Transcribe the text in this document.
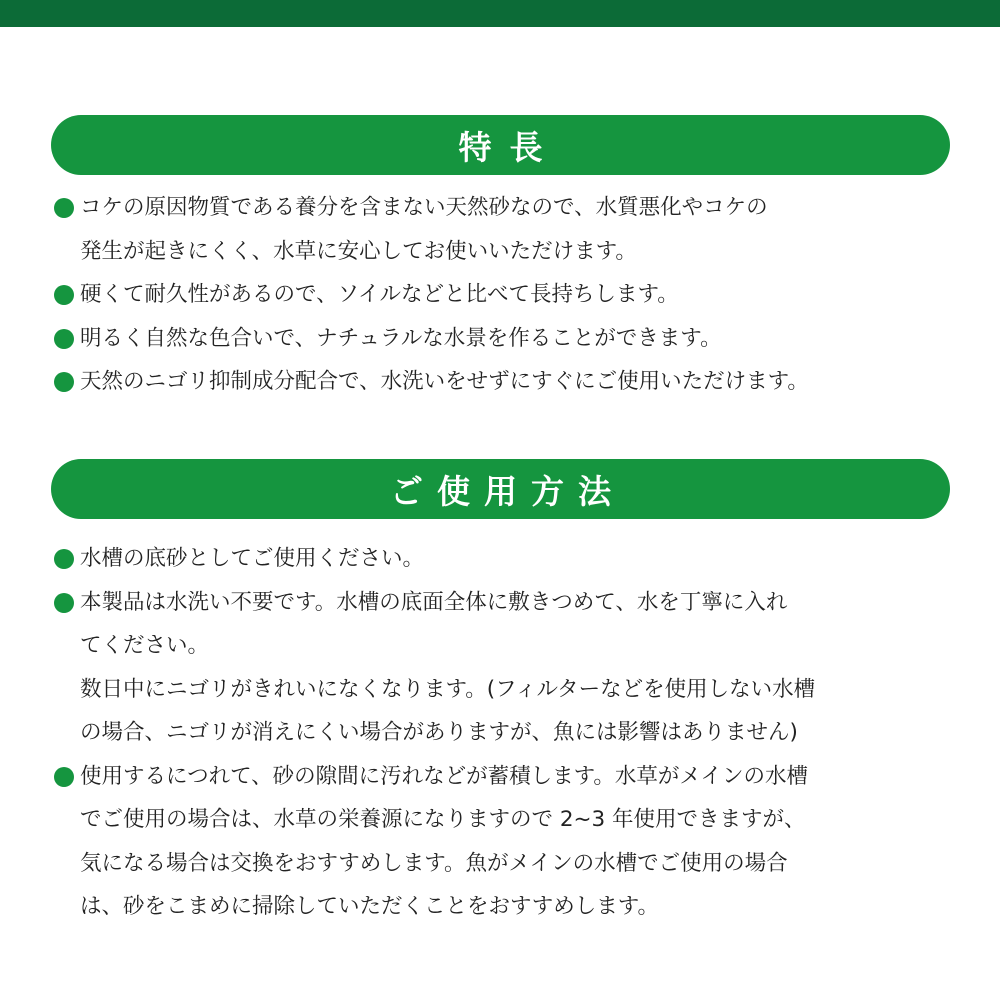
特長
コケの原因物質である養分を含まない天然砂なので、水質悪化やコケの
発生が起きにくく、水草に安心してお使いいただけます。
硬くて耐久性があるので、ソイルなどと比べて長持ちします。
明るく自然な色合いで、ナチュラルな水景を作ることができます。
天然のニゴリ抑制成分配合で、水洗いをせずにすぐにご使用いただけます。
ご使用方法
水槽の底砂としてご使用ください。
本製品は水洗い不要です。水槽の底面全体に敷きつめて、水を丁寧に入れ
てください。
数日中にニゴリがきれいになくなります。(フィルターなどを使用しない水槽
の場合、ニゴリが消えにくい場合がありますが、魚には影響はありません)
使用するにつれて、砂の隙間に汚れなどが蓄積します。水草がメインの水槽
でご使用の場合は、水草の栄養源になりますので 2~3 年使用できますが、
気になる場合は交換をおすすめします。魚がメインの水槽でご使用の場合
は、砂をこまめに掃除していただくことをおすすめします。
